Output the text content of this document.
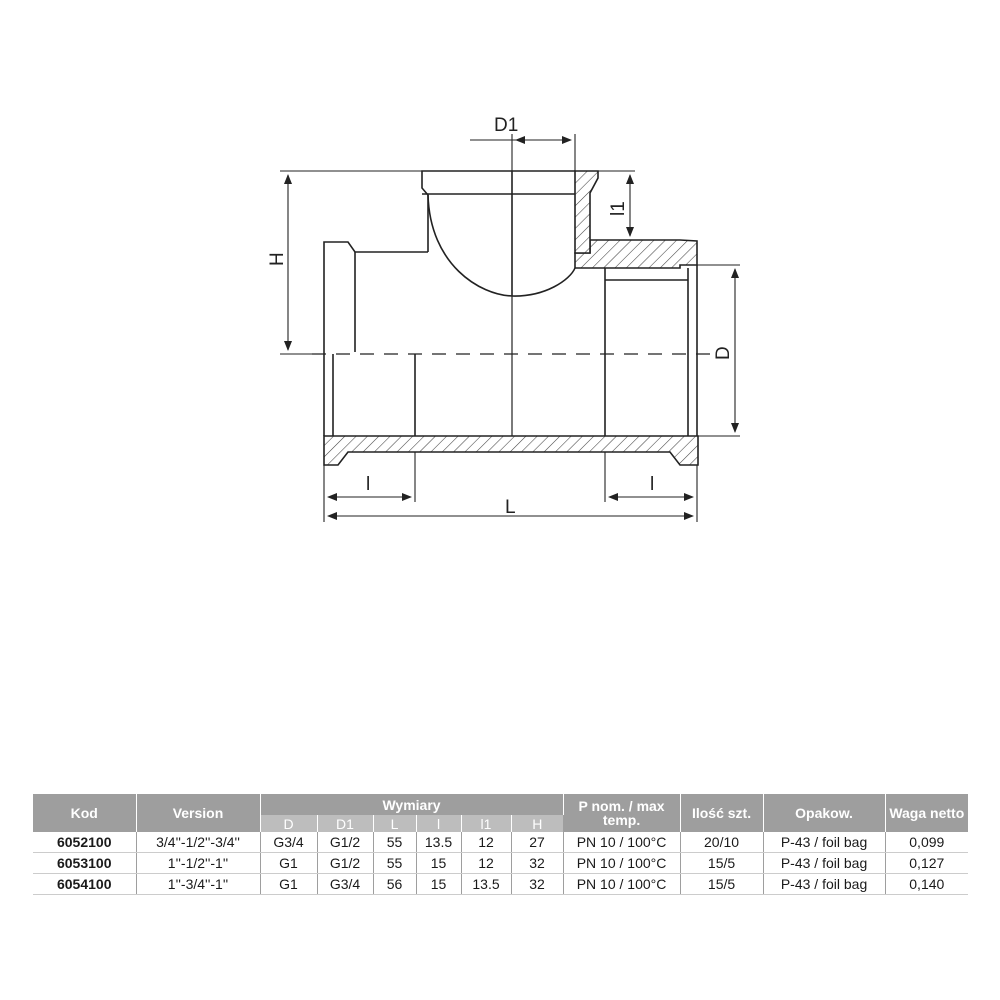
D1
l1
H
D
l	l
L
Kod	Version	Wymiary						P nom. / max temp.	Ilość szt.	Opakow.	Waga netto
		D	D1	L	l	l1	H				
6052100	3/4''-1/2''-3/4''	G3/4	G1/2	55	13.5	12	27	PN 10 / 100°C	20/10	P-43 / foil bag	0,099
6053100	1''-1/2''-1''	G1	G1/2	55	15	12	32	PN 10 / 100°C	15/5	P-43 / foil bag	0,127
6054100	1''-3/4''-1''	G1	G3/4	56	15	13.5	32	PN 10 / 100°C	15/5	P-43 / foil bag	0,140
